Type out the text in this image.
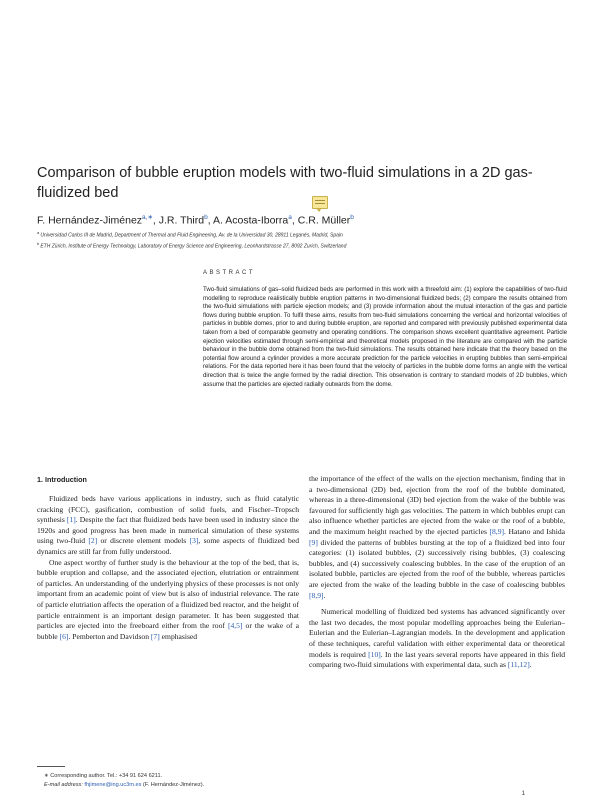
Comparison of bubble eruption models with two-fluid simulations in a 2D gas-fluidized bed
F. Hernández-Jiménez$^{a,∗}$, J.R. Third$^b$, A. Acosta-Iborra$^a$, C.R. Müller$^b$
$^a$ Universidad Carlos III de Madrid, Department of Thermal and Fluid Engineering, Av. de la Universidad 30, 28911 Leganés, Madrid, Spain
$^b$ ETH Zürich, Institute of Energy Technology, Laboratory of Energy Science and Engineering, Leonhardstrasse 27, 8092 Zurich, Switzerland
ABSTRACT
Two-fluid simulations of gas–solid fluidized beds are performed in this work with a threefold aim: (1) explore the capabilities of two-fluid modelling to reproduce realistically bubble eruption patterns in two-dimensional fluidized beds; (2) compare the results obtained from the two-fluid simulations with particle ejection models; and (3) provide information about the mutual interaction of the gas and particle flows during bubble eruption. To fulfil these aims, results from two-fluid simulations concerning the vertical and horizontal velocities of particles in bubble domes, prior to and during bubble eruption, are reported and compared with previously published experimental data taken from a bed of comparable geometry and operating conditions. The comparison shows excellent quantitative agreement. Particle ejection velocities estimated through semi-empirical and theoretical models proposed in the literature are compared with the particle behaviour in the bubble dome obtained from the two-fluid simulations. The results obtained here indicate that the theory based on the potential flow around a cylinder provides a more accurate prediction for the particle velocities in erupting bubbles than semi-empirical relations. For the data reported here it has been found that the velocity of particles in the bubble dome forms an angle with the vertical direction that is twice the angle formed by the radial direction. This observation is contrary to standard models of 2D bubbles, which assume that the particles are ejected radially outwards from the dome.
1. Introduction

Fluidized beds have various applications in industry, such as fluid catalytic cracking (FCC), gasification, combustion of solid fuels, and Fischer–Tropsch synthesis [1]. Despite the fact that fluidized beds have been used in industry since the 1920s and good progress has been made in numerical simulation of these systems using two-fluid [2] or discrete element models [3], some aspects of fluidized bed dynamics are still far from fully understood.

One aspect worthy of further study is the behaviour at the top of the bed, that is, bubble eruption and collapse, and the associated ejection, elutriation or entrainment of particles. An understanding of the underlying physics of these processes is not only important from an academic point of view but is also of industrial relevance. The rate of particle elutriation affects the operation of a fluidized bed reactor, and the height of particle entrainment is an important design parameter. It has been suggested that particles are ejected into the freeboard either from the roof [4,5] or the wake of a bubble [6]. Pemberton and Davidson [7] emphasised

the importance of the effect of the walls on the ejection mechanism, finding that in a two-dimensional (2D) bed, ejection from the roof of the bubble dominated, whereas in a three-dimensional (3D) bed ejection from the wake of the bubble was favoured for sufficiently high gas velocities. The pattern in which bubbles erupt can also influence whether particles are ejected from the wake or the roof of a bubble, and the maximum height reached by the ejected particles [8,9]. Hatano and Ishida [9] divided the patterns of bubbles bursting at the top of a fluidized bed into four categories: (1) isolated bubbles, (2) successively rising bubbles, (3) coalescing bubbles, and (4) successively coalescing bubbles. In the case of the eruption of an isolated bubble, particles are ejected from the roof of the bubble, whereas particles are ejected from the wake of the leading bubble in the case of coalescing bubbles [8,9].

Numerical modelling of fluidized bed systems has advanced significantly over the last two decades, the most popular modelling approaches being the Eulerian–Eulerian and the Eulerian–Lagrangian models. In the development and application of these techniques, careful validation with either experimental data or theoretical models is required [10]. In the last years several reports have appeared in this field comparing two-fluid simulations with experimental data, such as [11,12].

∗ Corresponding author. Tel.: +34 91 624 6211.
E-mail address: fhjimene@ing.uc3m.es (F. Hernández-Jiménez).
1
